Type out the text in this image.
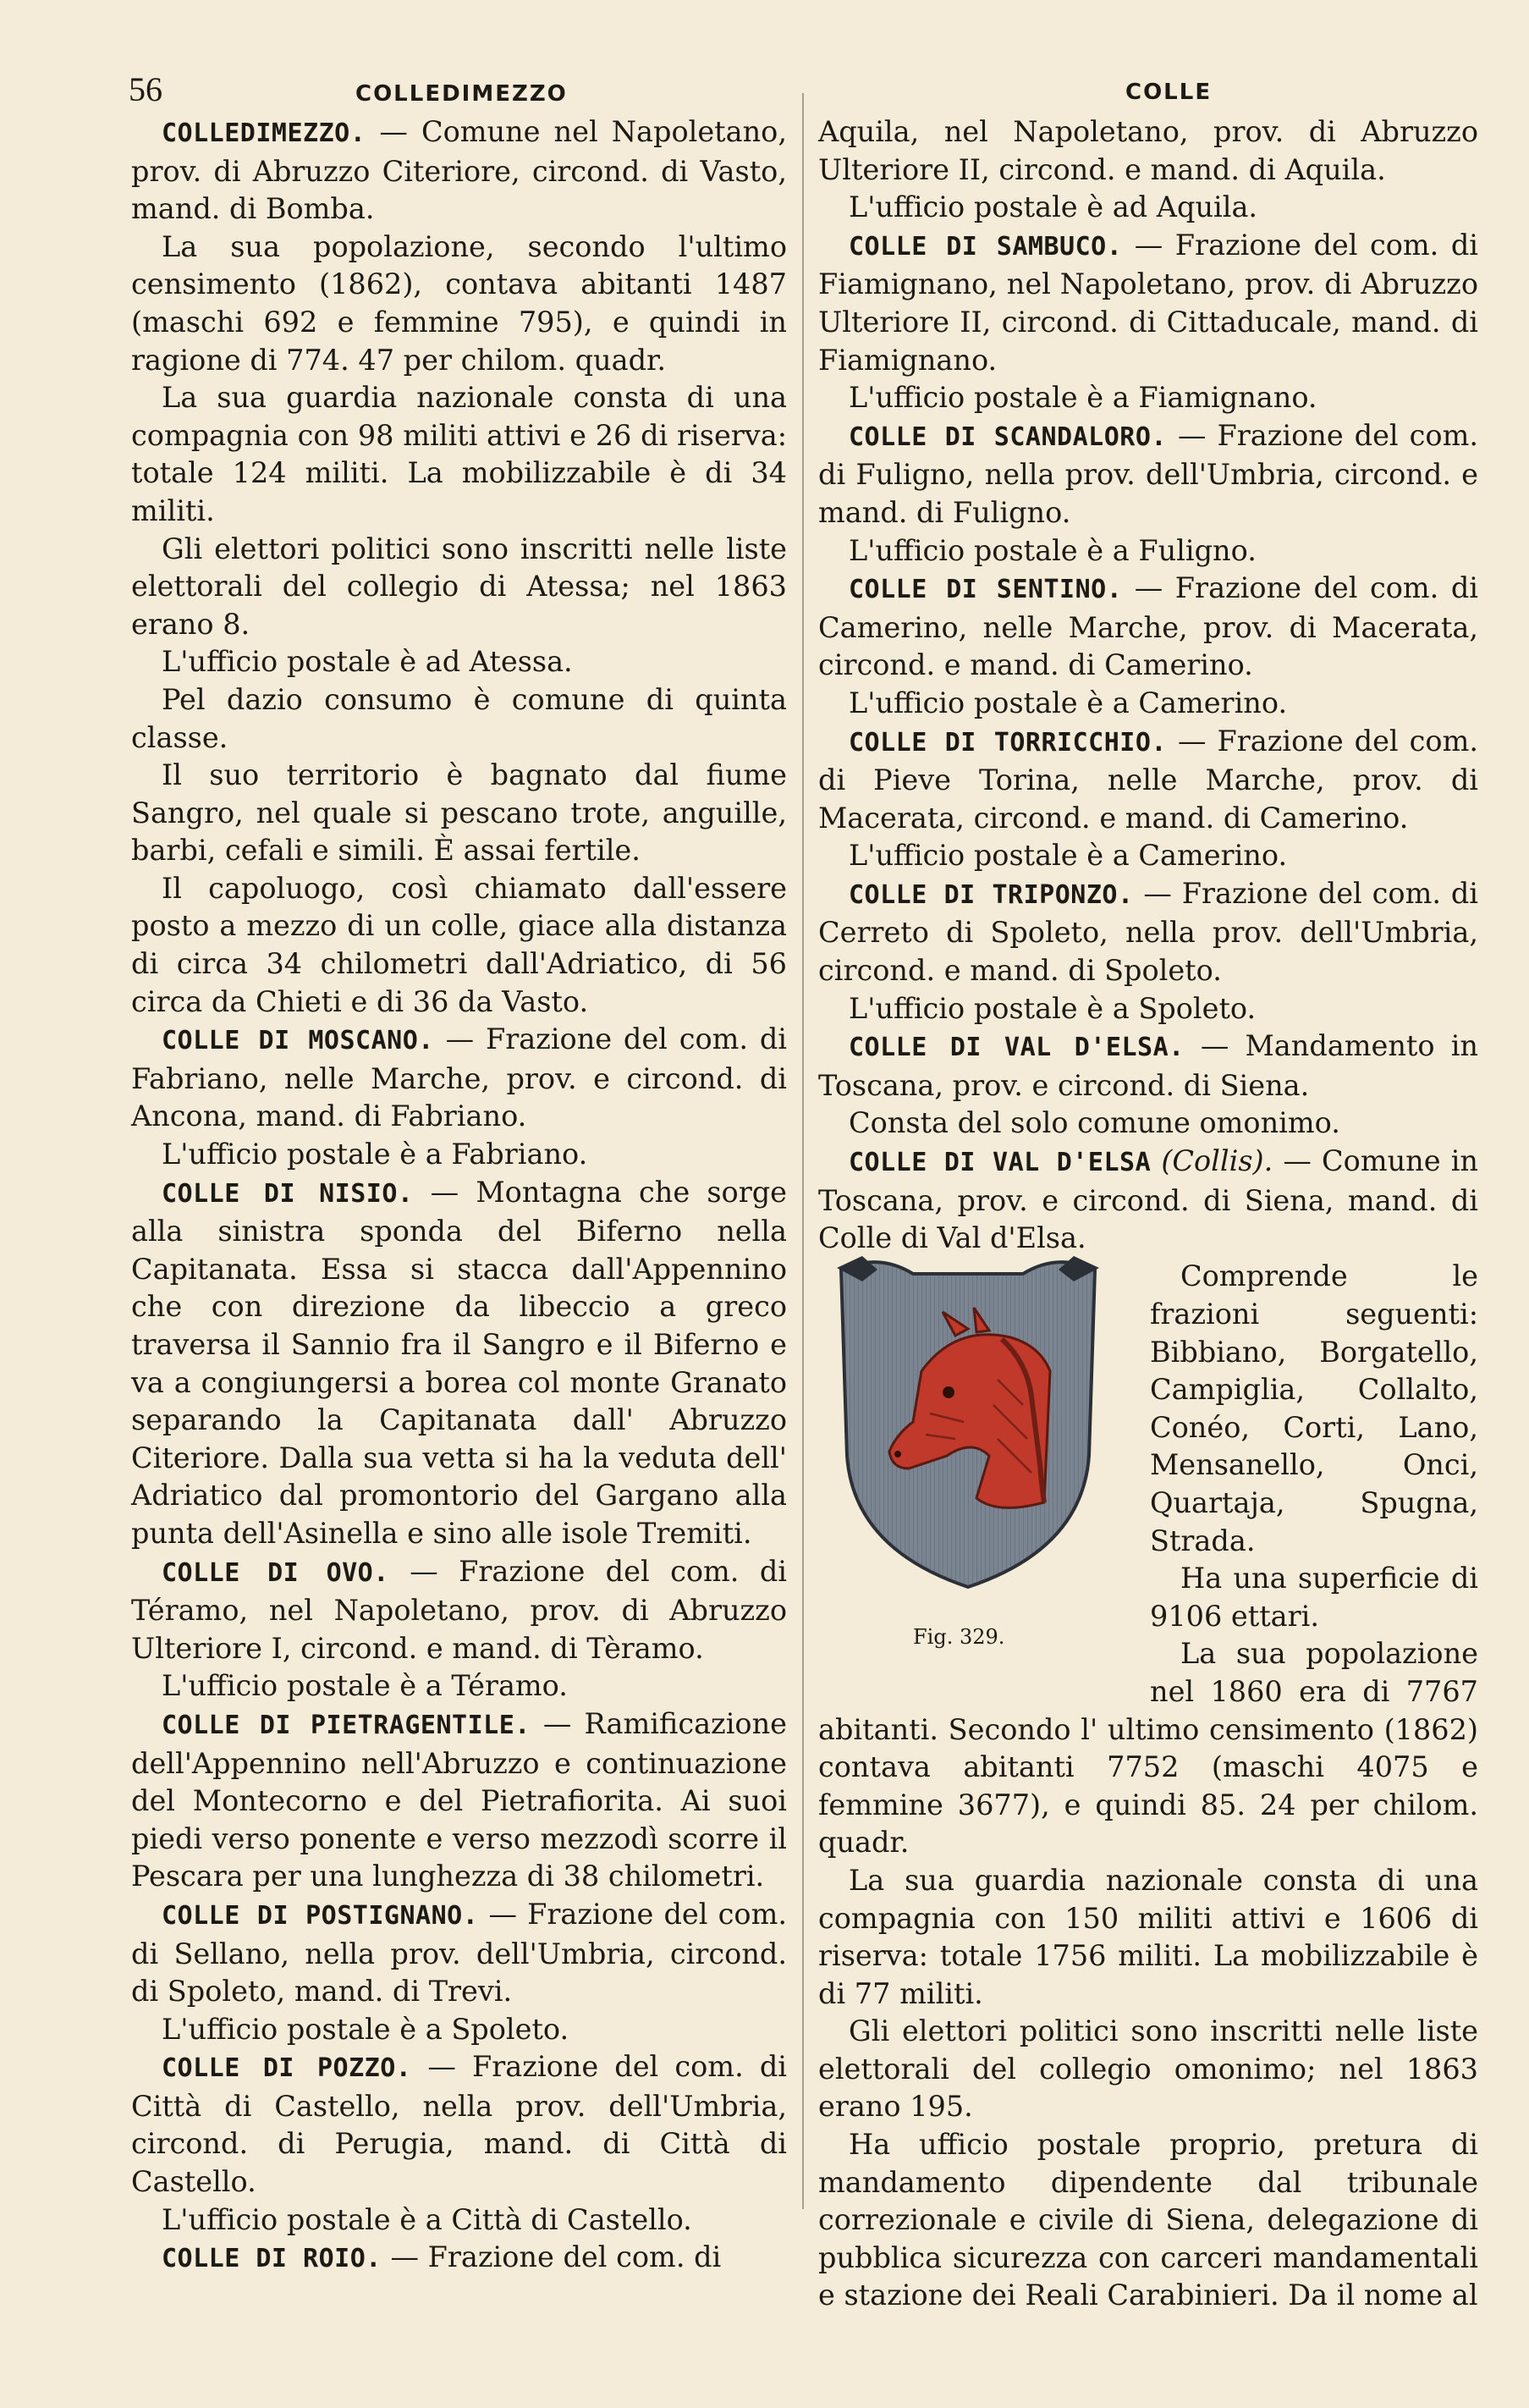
56	COLLEDIMEZZO	COLLE

COLLEDIMEZZO. — Comune nel Napoletano, prov. di Abruzzo Citeriore, circond. di Vasto, mand. di Bomba.

La sua popolazione, secondo l'ultimo censimento (1862), contava abitanti 1487 (maschi 692 e femmine 795), e quindi in ragione di 774. 47 per chilom. quadr.

La sua guardia nazionale consta di una compagnia con 98 militi attivi e 26 di riserva: totale 124 militi. La mobilizzabile è di 34 militi.

Gli elettori politici sono inscritti nelle liste elettorali del collegio di Atessa; nel 1863 erano 8.

L'ufficio postale è ad Atessa.

Pel dazio consumo è comune di quinta classe.

Il suo territorio è bagnato dal fiume Sangro, nel quale si pescano trote, anguille, barbi, cefali e simili. È assai fertile.

Il capoluogo, così chiamato dall'essere posto a mezzo di un colle, giace alla distanza di circa 34 chilometri dall'Adriatico, di 56 circa da Chieti e di 36 da Vasto.

COLLE DI MOSCANO. — Frazione del com. di Fabriano, nelle Marche, prov. e circond. di Ancona, mand. di Fabriano.

L'ufficio postale è a Fabriano.

COLLE DI NISIO. — Montagna che sorge alla sinistra sponda del Biferno nella Capitanata. Essa si stacca dall'Appennino che con direzione da libeccio a greco traversa il Sannio fra il Sangro e il Biferno e va a congiungersi a borea col monte Granato separando la Capitanata dall' Abruzzo Citeriore. Dalla sua vetta si ha la veduta dell' Adriatico dal promontorio del Gargano alla punta dell'Asinella e sino alle isole Tremiti.

COLLE DI OVO. — Frazione del com. di Téramo, nel Napoletano, prov. di Abruzzo Ulteriore I, circond. e mand. di Tèramo.

L'ufficio postale è a Téramo.

COLLE DI PIETRAGENTILE. — Ramificazione dell'Appennino nell'Abruzzo e continuazione del Montecorno e del Pietrafiorita. Ai suoi piedi verso ponente e verso mezzodì scorre il Pescara per una lunghezza di 38 chilometri.

COLLE DI POSTIGNANO. — Frazione del com. di Sellano, nella prov. dell'Umbria, circond. di Spoleto, mand. di Trevi.

L'ufficio postale è a Spoleto.

COLLE DI POZZO. — Frazione del com. di Città di Castello, nella prov. dell'Umbria, circond. di Perugia, mand. di Città di Castello.

L'ufficio postale è a Città di Castello.

COLLE DI ROIO. — Frazione del com. di

Aquila, nel Napoletano, prov. di Abruzzo Ulteriore II, circond. e mand. di Aquila.

L'ufficio postale è ad Aquila.

COLLE DI SAMBUCO. — Frazione del com. di Fiamignano, nel Napoletano, prov. di Abruzzo Ulteriore II, circond. di Cittaducale, mand. di Fiamignano.

L'ufficio postale è a Fiamignano.

COLLE DI SCANDALORO. — Frazione del com. di Fuligno, nella prov. dell'Umbria, circond. e mand. di Fuligno.

L'ufficio postale è a Fuligno.

COLLE DI SENTINO. — Frazione del com. di Camerino, nelle Marche, prov. di Macerata, circond. e mand. di Camerino.

L'ufficio postale è a Camerino.

COLLE DI TORRICCHIO. — Frazione del com. di Pieve Torina, nelle Marche, prov. di Macerata, circond. e mand. di Camerino.

L'ufficio postale è a Camerino.

COLLE DI TRIPONZO. — Frazione del com. di Cerreto di Spoleto, nella prov. dell'Umbria, circond. e mand. di Spoleto.

L'ufficio postale è a Spoleto.

COLLE DI VAL D'ELSA. — Mandamento in Toscana, prov. e circond. di Siena.

Consta del solo comune omonimo.

COLLE DI VAL D'ELSA (Collis). — Comune in Toscana, prov. e circond. di Siena, mand. di Colle di Val d'Elsa.

Fig. 329.

Comprende le frazioni seguenti: Bibbiano, Borgatello, Campiglia, Collalto, Conéo, Corti, Lano, Mensanello, Onci, Quartaja, Spugna, Strada.

Ha una superficie di 9106 ettari.

La sua popolazione nel 1860 era di 7767 abitanti. Secondo l' ultimo censimento (1862) contava abitanti 7752 (maschi 4075 e femmine 3677), e quindi 85. 24 per chilom. quadr.

La sua guardia nazionale consta di una compagnia con 150 militi attivi e 1606 di riserva: totale 1756 militi. La mobilizzabile è di 77 militi.

Gli elettori politici sono inscritti nelle liste elettorali del collegio omonimo; nel 1863 erano 195.

Ha ufficio postale proprio, pretura di mandamento dipendente dal tribunale correzionale e civile di Siena, delegazione di pubblica sicurezza con carceri mandamentali e stazione dei Reali Carabinieri. Da il nome al
